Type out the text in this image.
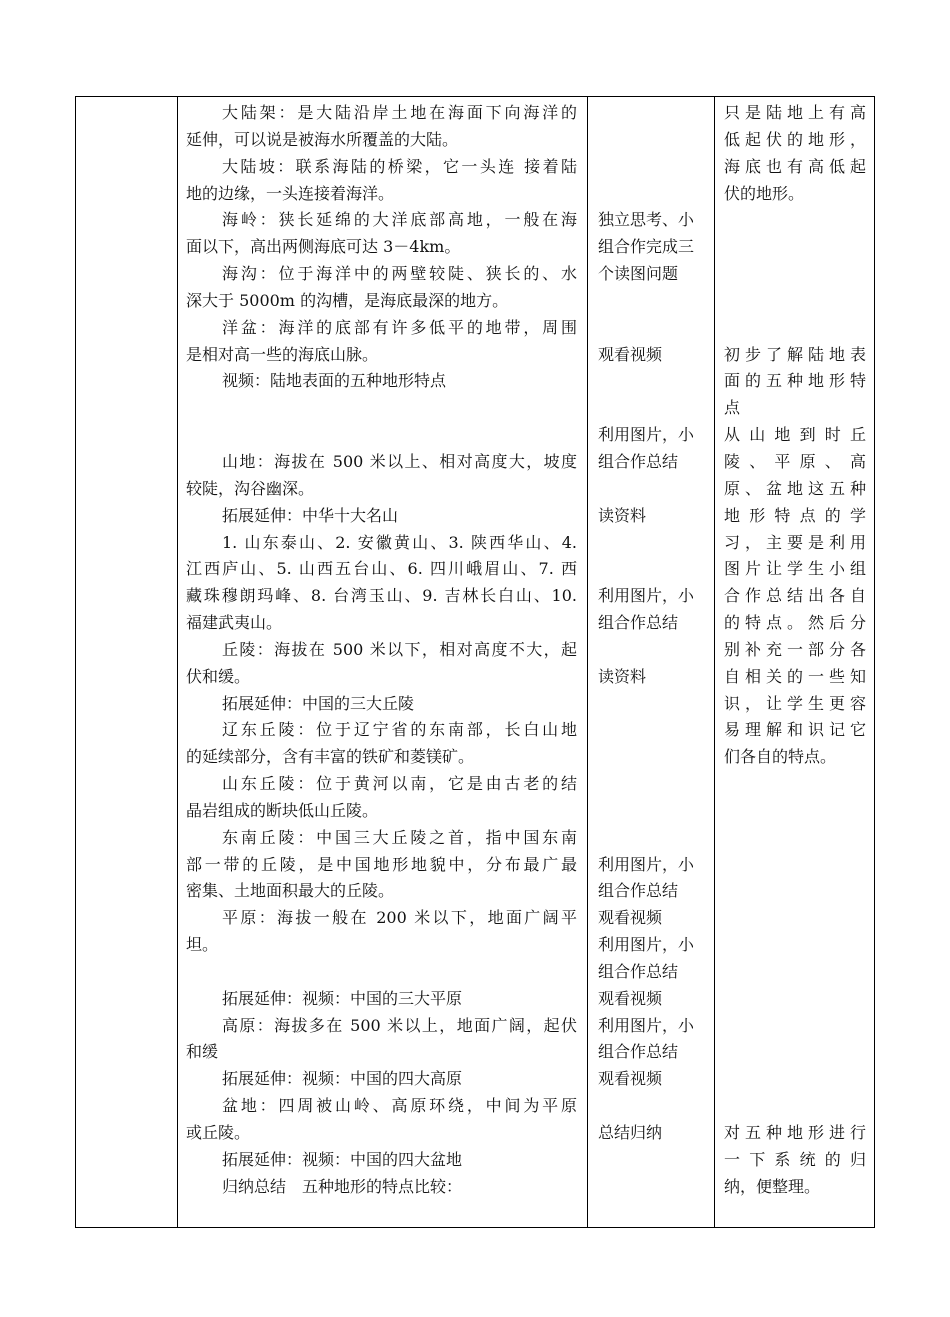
大陆架：是大陆沿岸土地在海面下向海洋的
延伸，可以说是被海水所覆盖的大陆。
大陆坡：联系海陆的桥梁，它一头连 接着陆
地的边缘，一头连接着海洋。
海岭：狭长延绵的大洋底部高地，一般在海
面以下，高出两侧海底可达 3－4km。
海沟：位于海洋中的两壁较陡、狭长的、水
深大于 5000m 的沟槽，是海底最深的地方。
洋盆：海洋的底部有许多低平的地带，周围
是相对高一些的海底山脉。
视频：陆地表面的五种地形特点
山地：海拔在 500 米以上、相对高度大，坡度
较陡，沟谷幽深。
拓展延伸：中华十大名山
1. 山东泰山、2. 安徽黄山、3. 陕西华山、4.
江西庐山、5. 山西五台山、6. 四川峨眉山、7. 西
藏珠穆朗玛峰、8. 台湾玉山、9. 吉林长白山、10.
福建武夷山。
丘陵：海拔在 500 米以下，相对高度不大，起
伏和缓。
拓展延伸：中国的三大丘陵
辽东丘陵：位于辽宁省的东南部，长白山地
的延续部分，含有丰富的铁矿和菱镁矿。
山东丘陵：位于黄河以南，它是由古老的结
晶岩组成的断块低山丘陵。
东南丘陵：中国三大丘陵之首，指中国东南
部一带的丘陵，是中国地形地貌中，分布最广最
密集、土地面积最大的丘陵。
平原：海拔一般在 200 米以下，地面广阔平
坦。
拓展延伸：视频：中国的三大平原
高原：海拔多在 500 米以上，地面广阔，起伏
和缓
拓展延伸：视频：中国的四大高原
盆地：四周被山岭、高原环绕，中间为平原
或丘陵。
拓展延伸：视频：中国的四大盆地
归纳总结　五种地形的特点比较：
独立思考、小
组合作完成三
个读图问题
观看视频
利用图片，小
组合作总结
读资料
利用图片，小
组合作总结
读资料
利用图片，小
组合作总结
观看视频
利用图片，小
组合作总结
观看视频
利用图片，小
组合作总结
观看视频
总结归纳
只是陆地上有高
低起伏的地形，
海底也有高低起
伏的地形。
初步了解陆地表
面的五种地形特
点
从山地到时丘
陵、平原、高
原、盆地这五种
地形特点的学
习，主要是利用
图片让学生小组
合作总结出各自
的特点。然后分
别补充一部分各
自相关的一些知
识，让学生更容
易理解和识记它
们各自的特点。
对五种地形进行
一下系统的归
纳，便整理。
